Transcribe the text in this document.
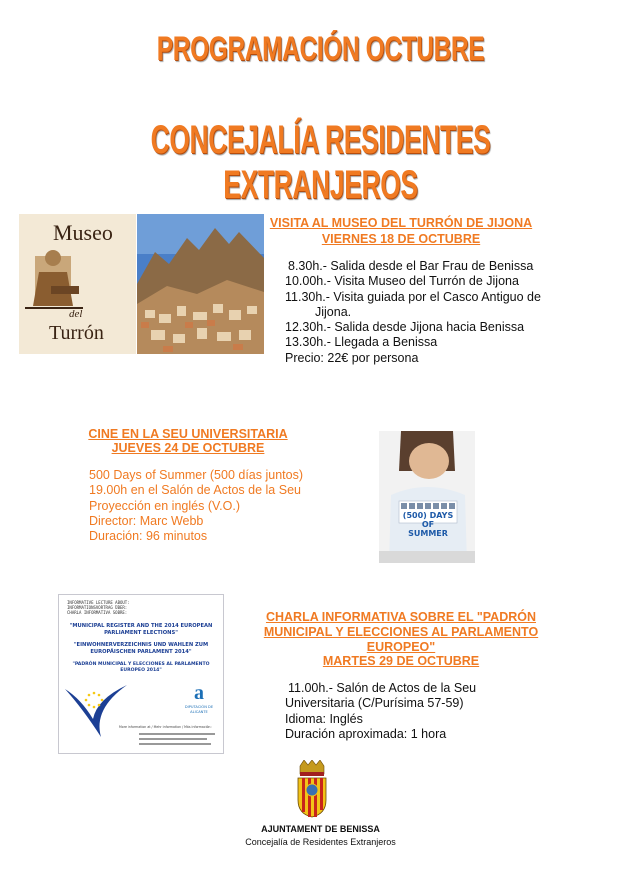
PROGRAMACIÓN OCTUBRE
CONCEJALÍA RESIDENTES EXTRANJEROS
Museo
del
Turrón
VISITA AL MUSEO DEL TURRÓN DE JIJONA
VIERNES 18 DE OCTUBRE
8.30h.- Salida desde el Bar Frau de Benissa
10.00h.- Visita Museo del Turrón de Jijona
11.30h.- Visita guiada por el Casco Antiguo de
Jijona.
12.30h.- Salida desde Jijona hacia Benissa
13.30h.- Llegada a Benissa
Precio: 22€ por persona
CINE EN LA SEU UNIVERSITARIA
JUEVES 24 DE OCTUBRE
500 Days of Summer (500 días juntos)
19.00h en el Salón de Actos de la Seu
Proyección en inglés (V.O.)
Director: Marc Webb
Duración: 96 minutos
(500) DAYS OF SUMMER
INFORMATIVE LECTURE ABOUT:
INFORMATIONSVORTRAG ÜBER:
CHARLA INFORMATIVA SOBRE:
"MUNICIPAL REGISTER AND THE 2014 EUROPEAN PARLIAMENT ELECTIONS"
"EINWOHNERVERZEICHNIS UND WAHLEN ZUM EUROPÄISCHEN PARLAMENT 2014"
"PADRÓN MUNICIPAL Y ELECCIONES AL PARLAMENTO EUROPEO 2014"
a
DIPUTACIÓN DE ALICANTE
More information at / Mehr information / Más información:
CHARLA INFORMATIVA SOBRE EL "PADRÓN
MUNICIPAL Y ELECCIONES AL PARLAMENTO
EUROPEO"
MARTES 29 DE OCTUBRE
11.00h.- Salón de Actos de la Seu
Universitaria (C/Purísima 57-59)
Idioma: Inglés
Duración aproximada: 1 hora
AJUNTAMENT DE BENISSA
Concejalía de Residentes Extranjeros
